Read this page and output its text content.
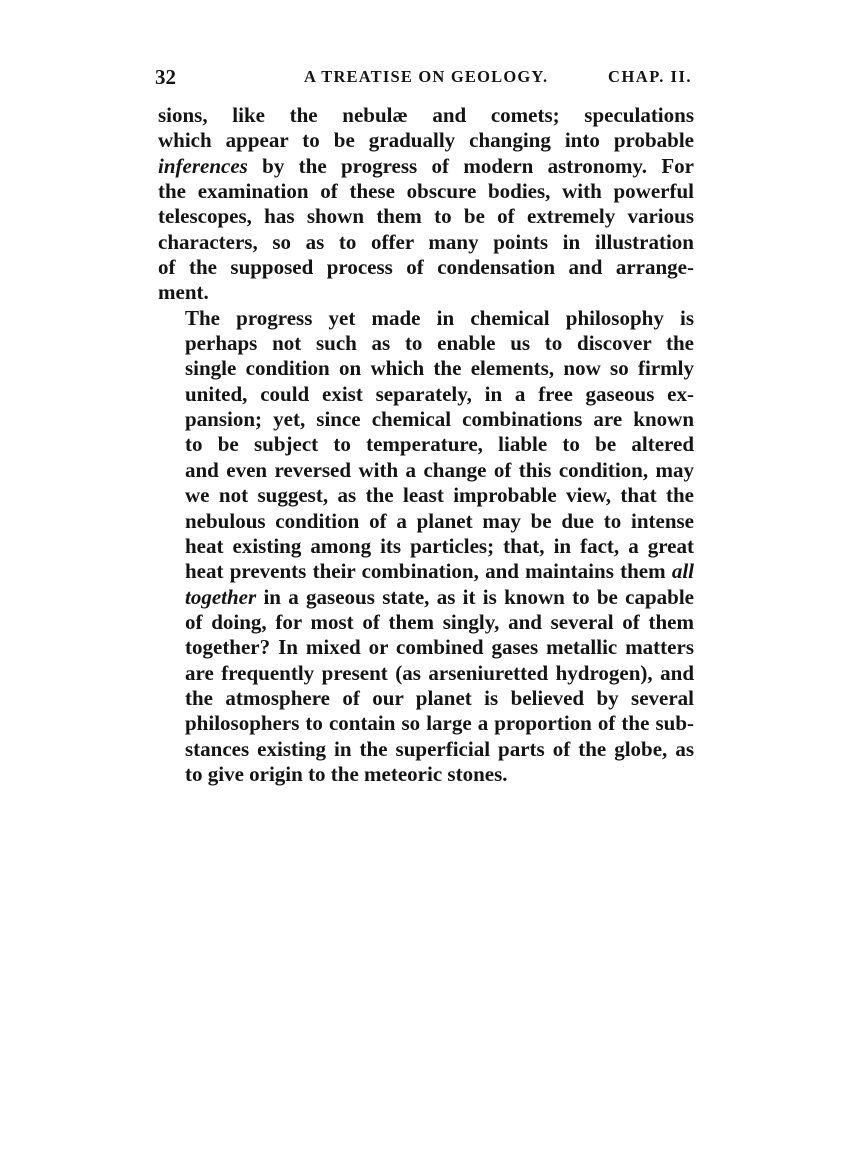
32	A TREATISE ON GEOLOGY.	CHAP. II.

sions, like the nebulæ and comets; speculations
which appear to be gradually changing into probable
inferences by the progress of modern astronomy. For
the examination of these obscure bodies, with powerful
telescopes, has shown them to be of extremely various
characters, so as to offer many points in illustration
of the supposed process of condensation and arrange-
ment.

The progress yet made in chemical philosophy is
perhaps not such as to enable us to discover the
single condition on which the elements, now so firmly
united, could exist separately, in a free gaseous ex-
pansion; yet, since chemical combinations are known
to be subject to temperature, liable to be altered
and even reversed with a change of this condition, may
we not suggest, as the least improbable view, that the
nebulous condition of a planet may be due to intense
heat existing among its particles; that, in fact, a great
heat prevents their combination, and maintains them all
together in a gaseous state, as it is known to be capable
of doing, for most of them singly, and several of them
together? In mixed or combined gases metallic matters
are frequently present (as arseniuretted hydrogen), and
the atmosphere of our planet is believed by several
philosophers to contain so large a proportion of the sub-
stances existing in the superficial parts of the globe, as
to give origin to the meteoric stones.
